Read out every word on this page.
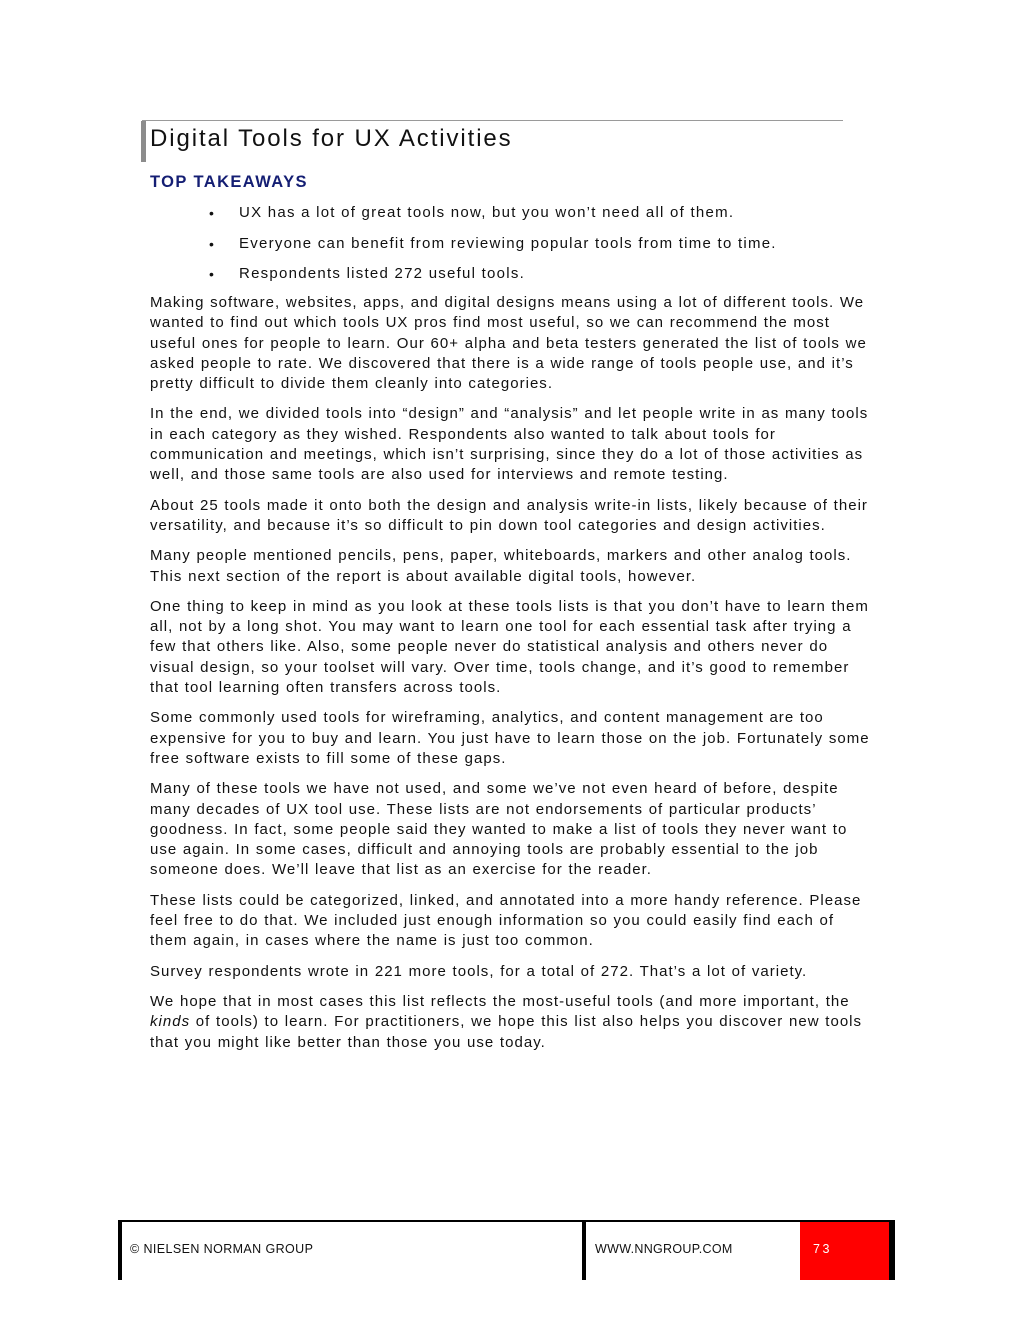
Digital Tools for UX Activities
TOP TAKEAWAYS
• UX has a lot of great tools now, but you won’t need all of them.
• Everyone can benefit from reviewing popular tools from time to time.
• Respondents listed 272 useful tools.

Making software, websites, apps, and digital designs means using a lot of different tools. We wanted to find out which tools UX pros find most useful, so we can recommend the most useful ones for people to learn. Our 60+ alpha and beta testers generated the list of tools we asked people to rate. We discovered that there is a wide range of tools people use, and it’s pretty difficult to divide them cleanly into categories.

In the end, we divided tools into “design” and “analysis” and let people write in as many tools in each category as they wished. Respondents also wanted to talk about tools for communication and meetings, which isn’t surprising, since they do a lot of those activities as well, and those same tools are also used for interviews and remote testing.

About 25 tools made it onto both the design and analysis write-in lists, likely because of their versatility, and because it’s so difficult to pin down tool categories and design activities.

Many people mentioned pencils, pens, paper, whiteboards, markers and other analog tools. This next section of the report is about available digital tools, however.

One thing to keep in mind as you look at these tools lists is that you don’t have to learn them all, not by a long shot. You may want to learn one tool for each essential task after trying a few that others like. Also, some people never do statistical analysis and others never do visual design, so your toolset will vary. Over time, tools change, and it’s good to remember that tool learning often transfers across tools.

Some commonly used tools for wireframing, analytics, and content management are too expensive for you to buy and learn. You just have to learn those on the job. Fortunately some free software exists to fill some of these gaps.

Many of these tools we have not used, and some we’ve not even heard of before, despite many decades of UX tool use. These lists are not endorsements of particular products’ goodness. In fact, some people said they wanted to make a list of tools they never want to use again. In some cases, difficult and annoying tools are probably essential to the job someone does. We’ll leave that list as an exercise for the reader.

These lists could be categorized, linked, and annotated into a more handy reference. Please feel free to do that. We included just enough information so you could easily find each of them again, in cases where the name is just too common.

Survey respondents wrote in 221 more tools, for a total of 272. That’s a lot of variety.

We hope that in most cases this list reflects the most-useful tools (and more important, the kinds of tools) to learn. For practitioners, we hope this list also helps you discover new tools that you might like better than those you use today.

© NIELSEN NORMAN GROUP	WWW.NNGROUP.COM	73
